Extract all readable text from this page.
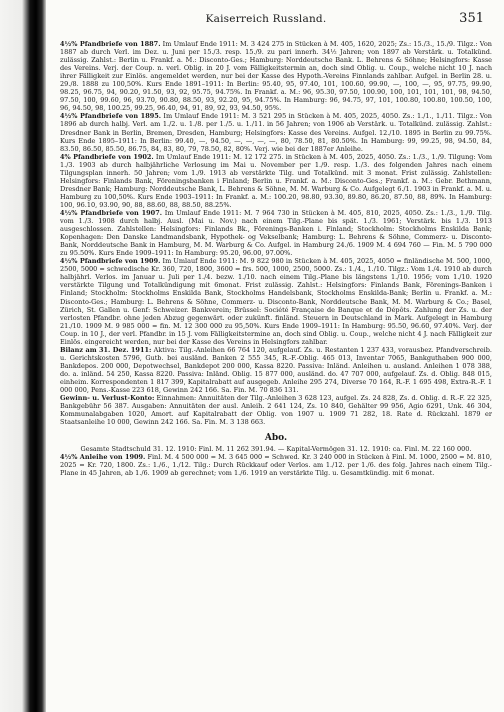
Kaiserreich Russland.	351

4½% Pfandbriefe von 1887. Im Umlauf Ende 1911: M. 3 424 275 in Stücken à M. 405, 1620, 2025; Zs.: 15./3., 15./9. Tilgz.: Von 1887 ab durch Verl. im Dez. u. Juni per 15./3. resp. 15./9. zu pari innerh. 34½ Jahren; von 1897 ab Verstärk. u. Totalkünd. zulässig. Zahlst.: Berlin u. Frankf. a. M.: Disconto-Ges.; Hamburg: Norddeutsche Bank. L. Behrens & Söhne; Helsingfors: Kasse des Vereins. Verj. der Coup. n. verl. Oblig. in 20 J. vom Fälligkeitstermin an, doch sind Oblig. u. Coup., welche nicht 10 J. nach ihrer Fälligkeit zur Einlös. angemeldet werden, nur bei der Kasse des Hypoth.-Vereins Finnlands zahlbar. Aufgel. in Berlin 28. u. 29./8. 1888 zu 100,50%. Kurs Ende 1891–1911: In Berlin: 95.40, 95, 97.40, 101, 100.60, 99.90, —, 100, —, 95, 97.75, 99.90, 98.25, 96.75, 94, 90.20, 91.50, 93, 92, 95.75, 94.75%. In Frankf. a. M.: 96, 95.30, 97.50, 100.90, 100, 101, 101, 101, 98, 94.50, 97.50, 100, 99.60, 96, 93.70, 90.80, 88.50, 93, 92.20, 95, 94.75%. In Hamburg: 96, 94.75, 97, 101, 100.80, 100.80, 100.50, 100, 96, 94.50, 98, 100.25, 99.25, 96.40, 94, 91, 89, 92, 93, 94.50, 95%.

4½% Pfandbriefe von 1895. Im Umlauf Ende 1911: M. 3 521 295 in Stücken à M. 405, 2025, 4050. Zs.: 1./1., 1./11. Tilgz.: Von 1896 ab durch halbj. Verl. am 1./2. u. 1./8. per 1./5. u. 1./11. in 56 Jahren; von 1906 ab Verstärk. u. Totalkünd. zulässig. Zahlst.: Dresdner Bank in Berlin, Bremen, Dresden, Hamburg; Helsingfors: Kasse des Vereins. Aufgel. 12./10. 1895 in Berlin zu 99.75%. Kurs Ende 1895–1911: In Berlin: 99.40, —, 94.50, —, —, —, —, 80, 78.50, 81, 80.50%. In Hamburg: 99, 99.25, 98, 94.50, 84, 83.50, 86.50, 85.50, 86.75, 84, 83, 80, 79, 78.50, 82, 80%. Verj. wie bei der 1887er Anleihe.

4% Pfandbriefe von 1902. Im Umlauf Ende 1911: M. 12 172 275. in Stücken à M. 405, 2025, 4050. Zs.: 1./3., 1./9. Tilgung: Vom 1./3. 1903 ab durch halbjährliche Verlosung im Mai u. November per 1./9. resp. 1./3. des folgenden Jahres nach einem Tilgungsplan innerh. 50 Jahren; vom 1./9. 1913 ab verstärkte Tilg. und Totalkünd. mit 3 monat. Frist zulässig. Zahlstellen: Helsingfors: Finlands Bank, Föreningsbanken i Finland; Berlin u. Frankf. a. M.: Disconto-Ges.; Frankf. a. M.: Gebr. Bethmann, Dresdner Bank; Hamburg: Norddeutsche Bank, L. Behrens & Söhne, M. M. Warburg & Co. Aufgelegt 6./1. 1903 in Frankf. a. M. u. Hamburg zu 100,50%. Kurs Ende 1903–1911: In Frankf. a. M.: 100.20, 98.80, 93.30, 89.80, 86.20, 87.50, 88, 89%. In Hamburg: 100, 96.10, 93.90, 90, 88, 88.60, 88, 88.50, 88.25%.

4½% Pfandbriefe von 1907. Im Umlauf Ende 1911: M. 7 964 730 in Stücken à M. 405, 810, 2025, 4050. Zs.: 1./3., 1./9. Tilg. vom 1./3. 1908 durch halbj. Ausl. (Mai u. Nov.) nach einem Tilg.-Plane bis spät. 1./3. 1961; Verstärk. bis 1./3. 1913 ausgeschlossen. Zahlstellen: Helsingfors: Finlands Bk., Förenings-Banken i. Finland; Stockholm: Stockholms Enskilda Bank; Kopenhagen: Den Danske Landmandsbank, Hypothek- og Vekselbank; Hamburg: L. Behrens & Söhne, Commerz- u. Disconto-Bank, Norddeutsche Bank in Hamburg, M. M. Warburg & Co. Aufgel. in Hamburg 24./6. 1909 M. 4 694 760 — Fin. M. 5 790 000 zu 95.50%. Kurs Ende 1909–1911: In Hamburg: 95.20, 96.00, 97.00%.

4½% Pfandbriefe von 1909. Im Umlauf Ende 1911: M. 9 822 980 in Stücken à M. 405, 2025, 4050 = finländische M. 500, 1000, 2500, 5000 = schwedische Kr. 360, 720, 1800, 3600 = frs. 500, 1000, 2500, 5000. Zs.: 1./4., 1./10. Tilgz.: Vom 1./4. 1910 ab durch halbjährl. Verlos. im Januar u. Juli per 1./4. bezw. 1./10. nach einem Tilg.-Plane bis längstens 1./10. 1956; vom 1./10. 1920 verstärkte Tilgung und Totalkündigung mit 6monat. Frist zulässig. Zahlst.: Helsingfors: Finlands Bank, Förenings-Banken i Finland; Stockholm: Stockholms Enskilda Bank, Stockholms Handelsbank, Stockholms Enskilda-Bank; Berlin u. Frankf. a. M.: Disconto-Ges.; Hamburg: L. Behrens & Söhne, Commerz- u. Disconto-Bank, Norddeutsche Bank, M. M. Warburg & Co.; Basel, Zürich, St. Gallen u. Genf: Schweizer. Bankverein; Brüssel: Société Française de Banque et de Dépôts. Zahlung der Zs. u. der verlosten Pfandbr. ohne jeden Abzug gegenwärt. oder zukünft. finländ. Steuern in Deutschland in Mark. Aufgelegt in Hamburg 21./10. 1909 M. 9 985 000 = fin. M. 12 300 000 zu 95,50%. Kurs Ende 1909–1911: In Hamburg: 95.50, 96.60, 97.40%. Verj. der Coup. in 10 J., der verl. Pfandbr. in 15 J. vom Fälligkeitstermine an, doch sind Oblig. u. Coup., welche nicht 4 J. nach Fälligkeit zur Einlös. eingereicht werden, nur bei der Kasse des Vereins in Helsingfors zahlbar.

Bilanz am 31. Dez. 1911: Aktiva: Tilg.-Anleihen 66 764 120, aufgelauf. Zs. u. Restanten 1 237 433, vorausbez. Pfandverschreib. u. Gerichtskosten 5796, Gutb. bei ausländ. Banken 2 555 345, R.-F.-Oblig. 465 013, Inventar 7065, Bankguthaben 900 000, Bankdepos. 200 000, Depotwechsel, Bankdepot 200 000, Kassa 8220. Passiva: Inländ. Anleihen u. ausland. Anleihen 1 078 388, do. a. inländ. 54 250, Kassa 8220. Passiva: Inländ. Oblig. 15 877 000, ausländ. do. 47 707 000, aufgelauf. Zs. d. Oblig. 848 015, einheim. Korrespondenten 1 817 399, Kapitalrabatt auf ausgegeb. Anleihe 295 274, Diverse 70 164, R.-F. 1 695 498, Extra-R.-F. 1 000 000, Pens.-Kasse 223 618, Gewinn 242 166. Sa. Fin. M. 70 836 131.

Gewinn- u. Verlust-Konto: Einnahmen: Annuitäten der Tilg.-Anleihen 3 628 123, aufgel. Zs. 24 828, Zs. d. Oblig. d. R.-F. 22 325, Bankgebühr 56 387. Ausgaben: Annuitäten der ausl. Anleih. 2 641 124, Zs. 10 840, Gehälter 99 956, Agio 6291, Unk. 46 304, Kommunalabgaben 1020, Amort. auf Kapitalrabatt der Oblig. von 1907 u. 1909 71 282, 18. Rate d. Rückzahl. 1879 er Staatsanleihe 10 000, Gewinn 242 166. Sa. Fin. M. 3 138 663.

Abo.

Gesamte Stadtschuld 31. 12. 1910: Finl. M. 11 262 391.94. — Kapital-Vermögen 31. 12. 1910: ca. Finl. M. 22 160 000.

4½% Anleihe von 1909. Finl. M. 4 500 000 = M. 3 645 000 = Schwed. Kr. 3 240 000 in Stücken à Finl. M. 1000, 2500 = M. 810, 2025 = Kr. 720, 1800. Zs.: 1./6., 1./12. Tilg.: Durch Rückkauf oder Verlos. am 1./12. per 1./6. des folg. Jahres nach einem Tilg.-Plane in 45 Jahren, ab 1./6. 1909 ab gerechnet; vom 1./6. 1919 an verstärkte Tilg. u. Gesamtkündig. mit 6 monat.
